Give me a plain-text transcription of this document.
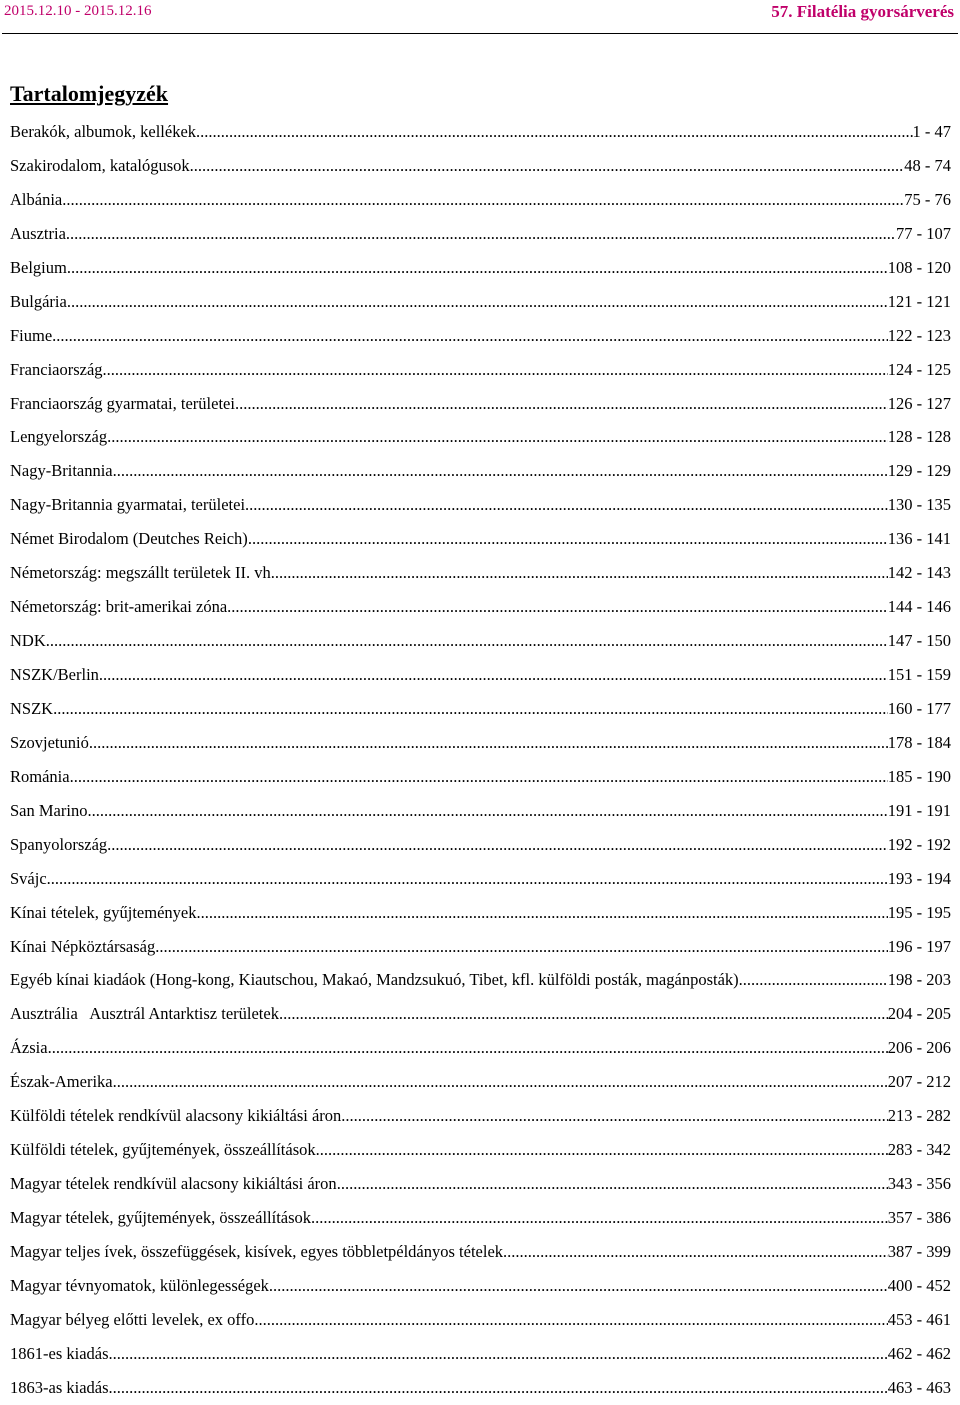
2015.12.10 - 2015.12.16	57. Filatélia gyorsárverés
Tartalomjegyzék
Berakók, albumok, kellékek .....	1 - 47
Szakirodalom, katalógusok .....	48 - 74
Albánia .....	75 - 76
Ausztria .....	77 - 107
Belgium .....	108 - 120
Bulgária .....	121 - 121
Fiume .....	122 - 123
Franciaország .....	124 - 125
Franciaország gyarmatai, területei .....	126 - 127
Lengyelország .....	128 - 128
Nagy-Britannia .....	129 - 129
Nagy-Britannia gyarmatai, területei .....	130 - 135
Német Birodalom (Deutches Reich) .....	136 - 141
Németország: megszállt területek II. vh .....	142 - 143
Németország: brit-amerikai zóna .....	144 - 146
NDK .....	147 - 150
NSZK/Berlin .....	151 - 159
NSZK .....	160 - 177
Szovjetunió .....	178 - 184
Románia .....	185 - 190
San Marino .....	191 - 191
Spanyolország .....	192 - 192
Svájc .....	193 - 194
Kínai tételek, gyűjtemények .....	195 - 195
Kínai Népköztársaság .....	196 - 197
Egyéb kínai kiadáok (Hong-kong, Kiautschou, Makaó, Mandzsukuó, Tibet, kfl. külföldi posták, magánposták) .....	198 - 203
Ausztrália   Ausztrál Antarktisz területek .....	204 - 205
Ázsia .....	206 - 206
Észak-Amerika .....	207 - 212
Külföldi tételek rendkívül alacsony kikiáltási áron .....	213 - 282
Külföldi tételek, gyűjtemények, összeállítások .....	283 - 342
Magyar tételek rendkívül alacsony kikiáltási áron .....	343 - 356
Magyar tételek, gyűjtemények, összeállítások .....	357 - 386
Magyar teljes ívek, összefüggések, kisívek, egyes többletpéldányos tételek .....	387 - 399
Magyar tévnyomatok, különlegességek .....	400 - 452
Magyar bélyeg előtti levelek, ex offo .....	453 - 461
1861-es kiadás .....	462 - 462
1863-as kiadás .....	463 - 463
